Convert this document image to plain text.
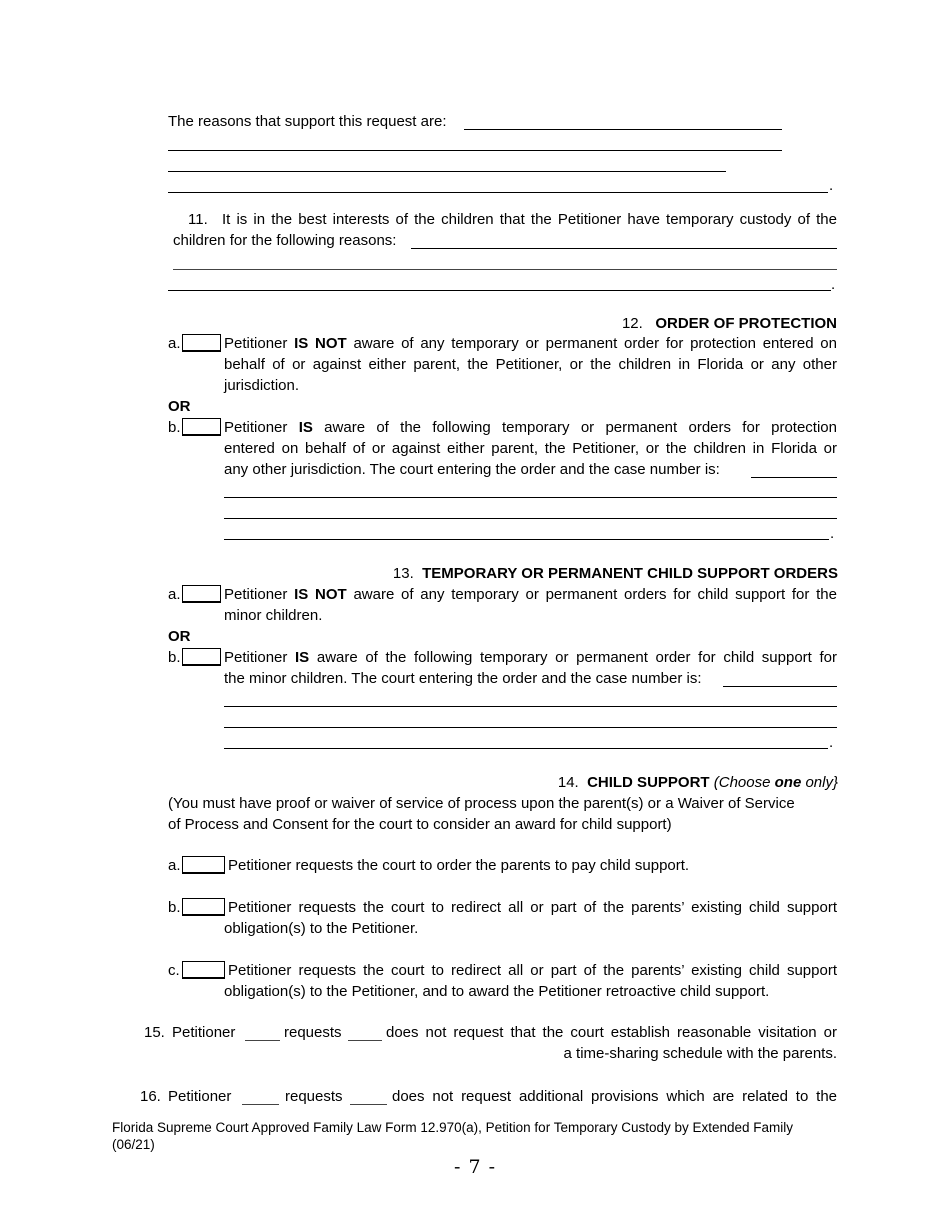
The reasons that support this request are:
.
11. It is in the best interests of the children that the Petitioner have temporary custody of the
children for the following reasons:
.
12. ORDER OF PROTECTION
a.	Petitioner IS NOT aware of any temporary or permanent order for protection entered on
behalf of or against either parent, the Petitioner, or the children in Florida or any other
jurisdiction.
OR
b.	Petitioner IS aware of the following temporary or permanent orders for protection
entered on behalf of or against either parent, the Petitioner, or the children in Florida or
any other jurisdiction. The court entering the order and the case number is:
.
13. TEMPORARY OR PERMANENT CHILD SUPPORT ORDERS
a.	Petitioner IS NOT aware of any temporary or permanent orders for child support for the
minor children.
OR
b.	Petitioner IS aware of the following temporary or permanent order for child support for
the minor children. The court entering the order and the case number is:
.
14. CHILD SUPPORT (Choose one only}
(You must have proof or waiver of service of process upon the parent(s) or a Waiver of Service
of Process and Consent for the court to consider an award for child support)
a.	Petitioner requests the court to order the parents to pay child support.
b.	Petitioner requests the court to redirect all or part of the parents’ existing child support
obligation(s) to the Petitioner.
c.	Petitioner requests the court to redirect all or part of the parents’ existing child support
obligation(s) to the Petitioner, and to award the Petitioner retroactive child support.
15. Petitioner	requests	does not request that the court establish reasonable visitation or
a time-sharing schedule with the parents.
16. Petitioner	requests	does not request additional provisions which are related to the
Florida Supreme Court Approved Family Law Form 12.970(a), Petition for Temporary Custody by Extended Family
(06/21)
- 7 -
